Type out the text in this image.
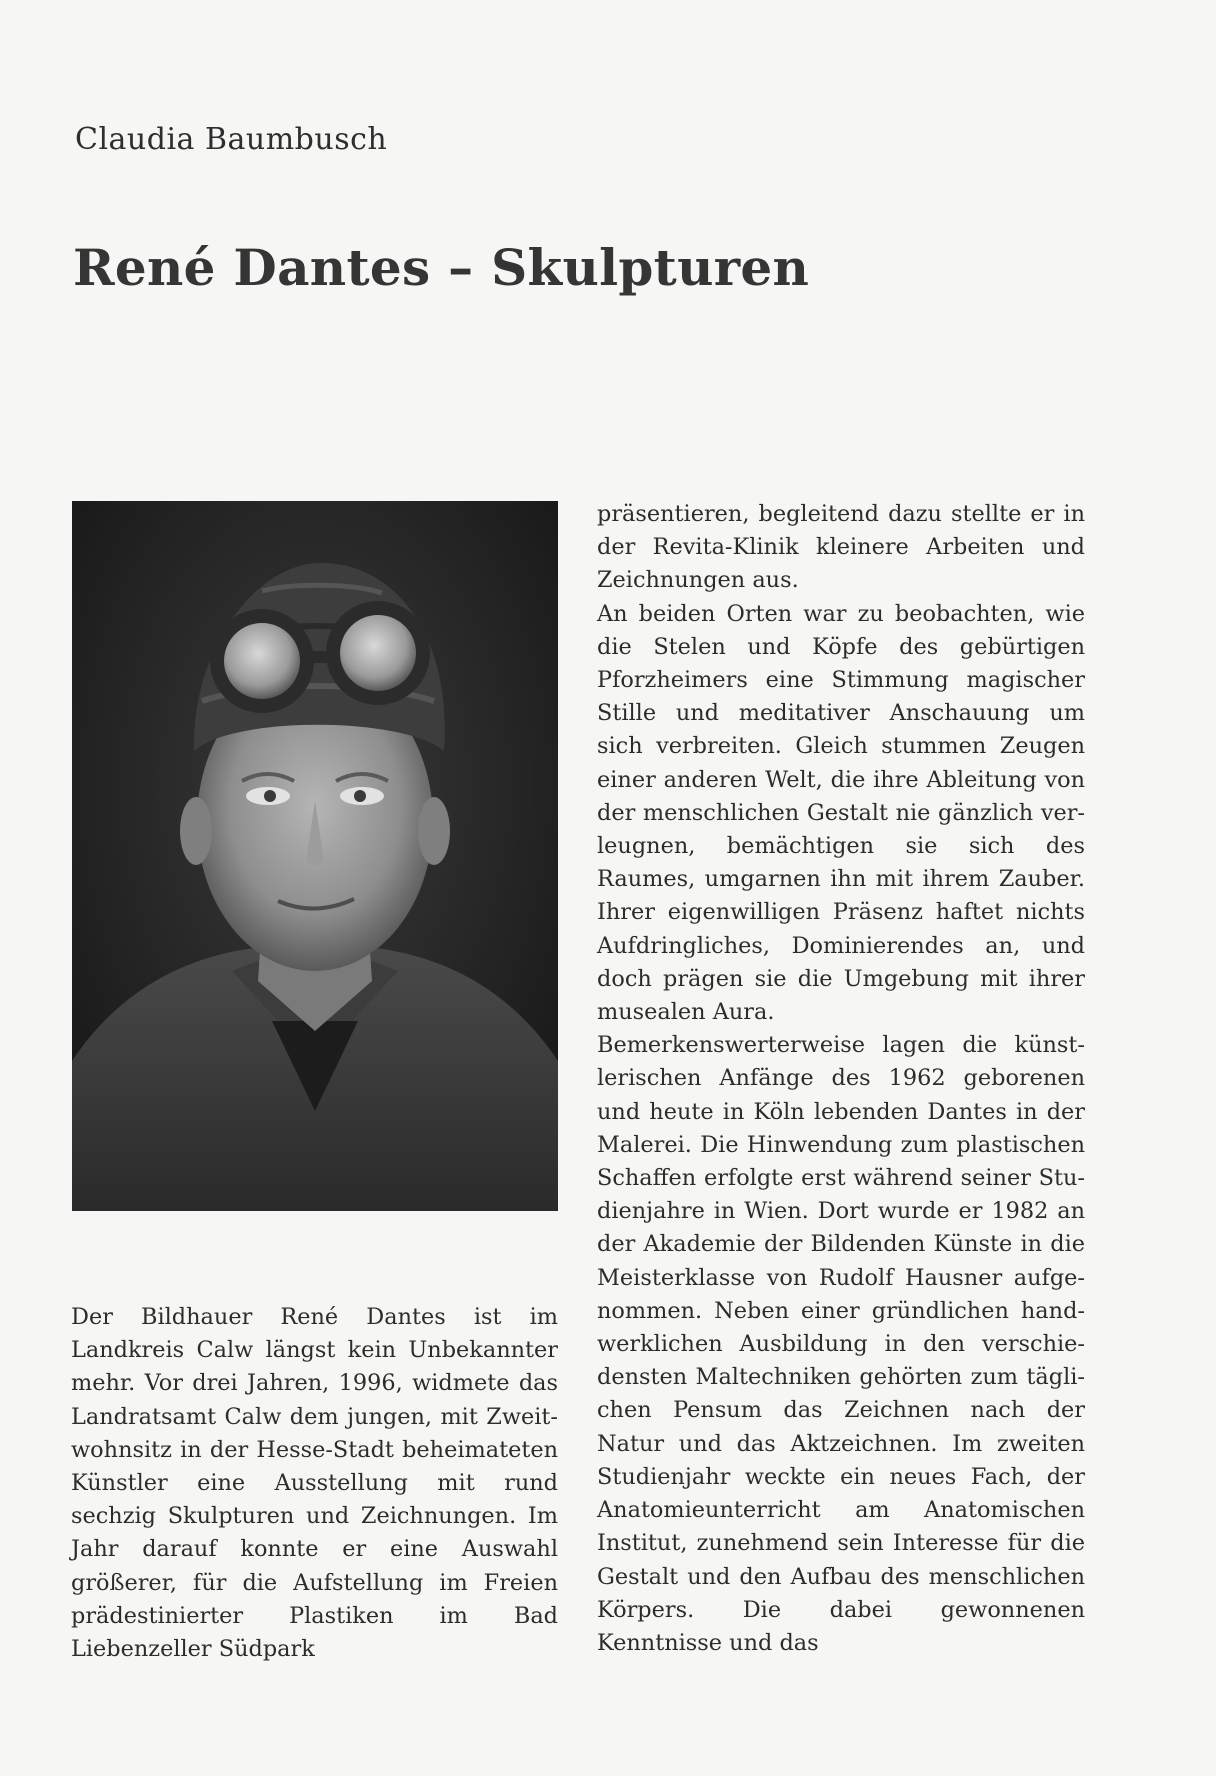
Claudia Baumbusch
René Dantes – Skulpturen

Der Bildhauer René Dantes ist im Landkreis Calw längst kein Unbekannter mehr. Vor drei Jahren, 1996, widmete das Landratsamt Calw dem jungen, mit Zweitwohnsitz in der Hesse-Stadt beheimateten Künstler eine Ausstellung mit rund sechzig Skulpturen und Zeichnungen. Im Jahr darauf konnte er eine Auswahl größerer, für die Aufstellung im Freien prädestinierter Plastiken im Bad Liebenzeller Südpark

präsentieren, begleitend dazu stellte er in der Revita-Klinik kleinere Arbeiten und Zeichnungen aus.

An beiden Orten war zu beobachten, wie die Stelen und Köpfe des gebürtigen Pforzheimers eine Stimmung magischer Stille und meditativer Anschauung um sich verbreiten. Gleich stummen Zeugen einer anderen Welt, die ihre Ableitung von der menschlichen Gestalt nie gänzlich verleugnen, bemächtigen sie sich des Raumes, umgarnen ihn mit ihrem Zauber. Ihrer eigenwilligen Präsenz haftet nichts Aufdringliches, Dominierendes an, und doch prägen sie die Umgebung mit ihrer musealen Aura.

Bemerkenswerterweise lagen die künstlerischen Anfänge des 1962 geborenen und heute in Köln lebenden Dantes in der Malerei. Die Hinwendung zum plastischen Schaffen erfolgte erst während seiner Studienjahre in Wien. Dort wurde er 1982 an der Akademie der Bildenden Künste in die Meisterklasse von Rudolf Hausner aufgenommen. Neben einer gründlichen handwerklichen Ausbildung in den verschiedensten Maltechniken gehörten zum täglichen Pensum das Zeichnen nach der Natur und das Aktzeichnen. Im zweiten Studienjahr weckte ein neues Fach, der Anatomieunterricht am Anatomischen Institut, zunehmend sein Interesse für die Gestalt und den Aufbau des menschlichen Körpers. Die dabei gewonnenen Kenntnisse und das
